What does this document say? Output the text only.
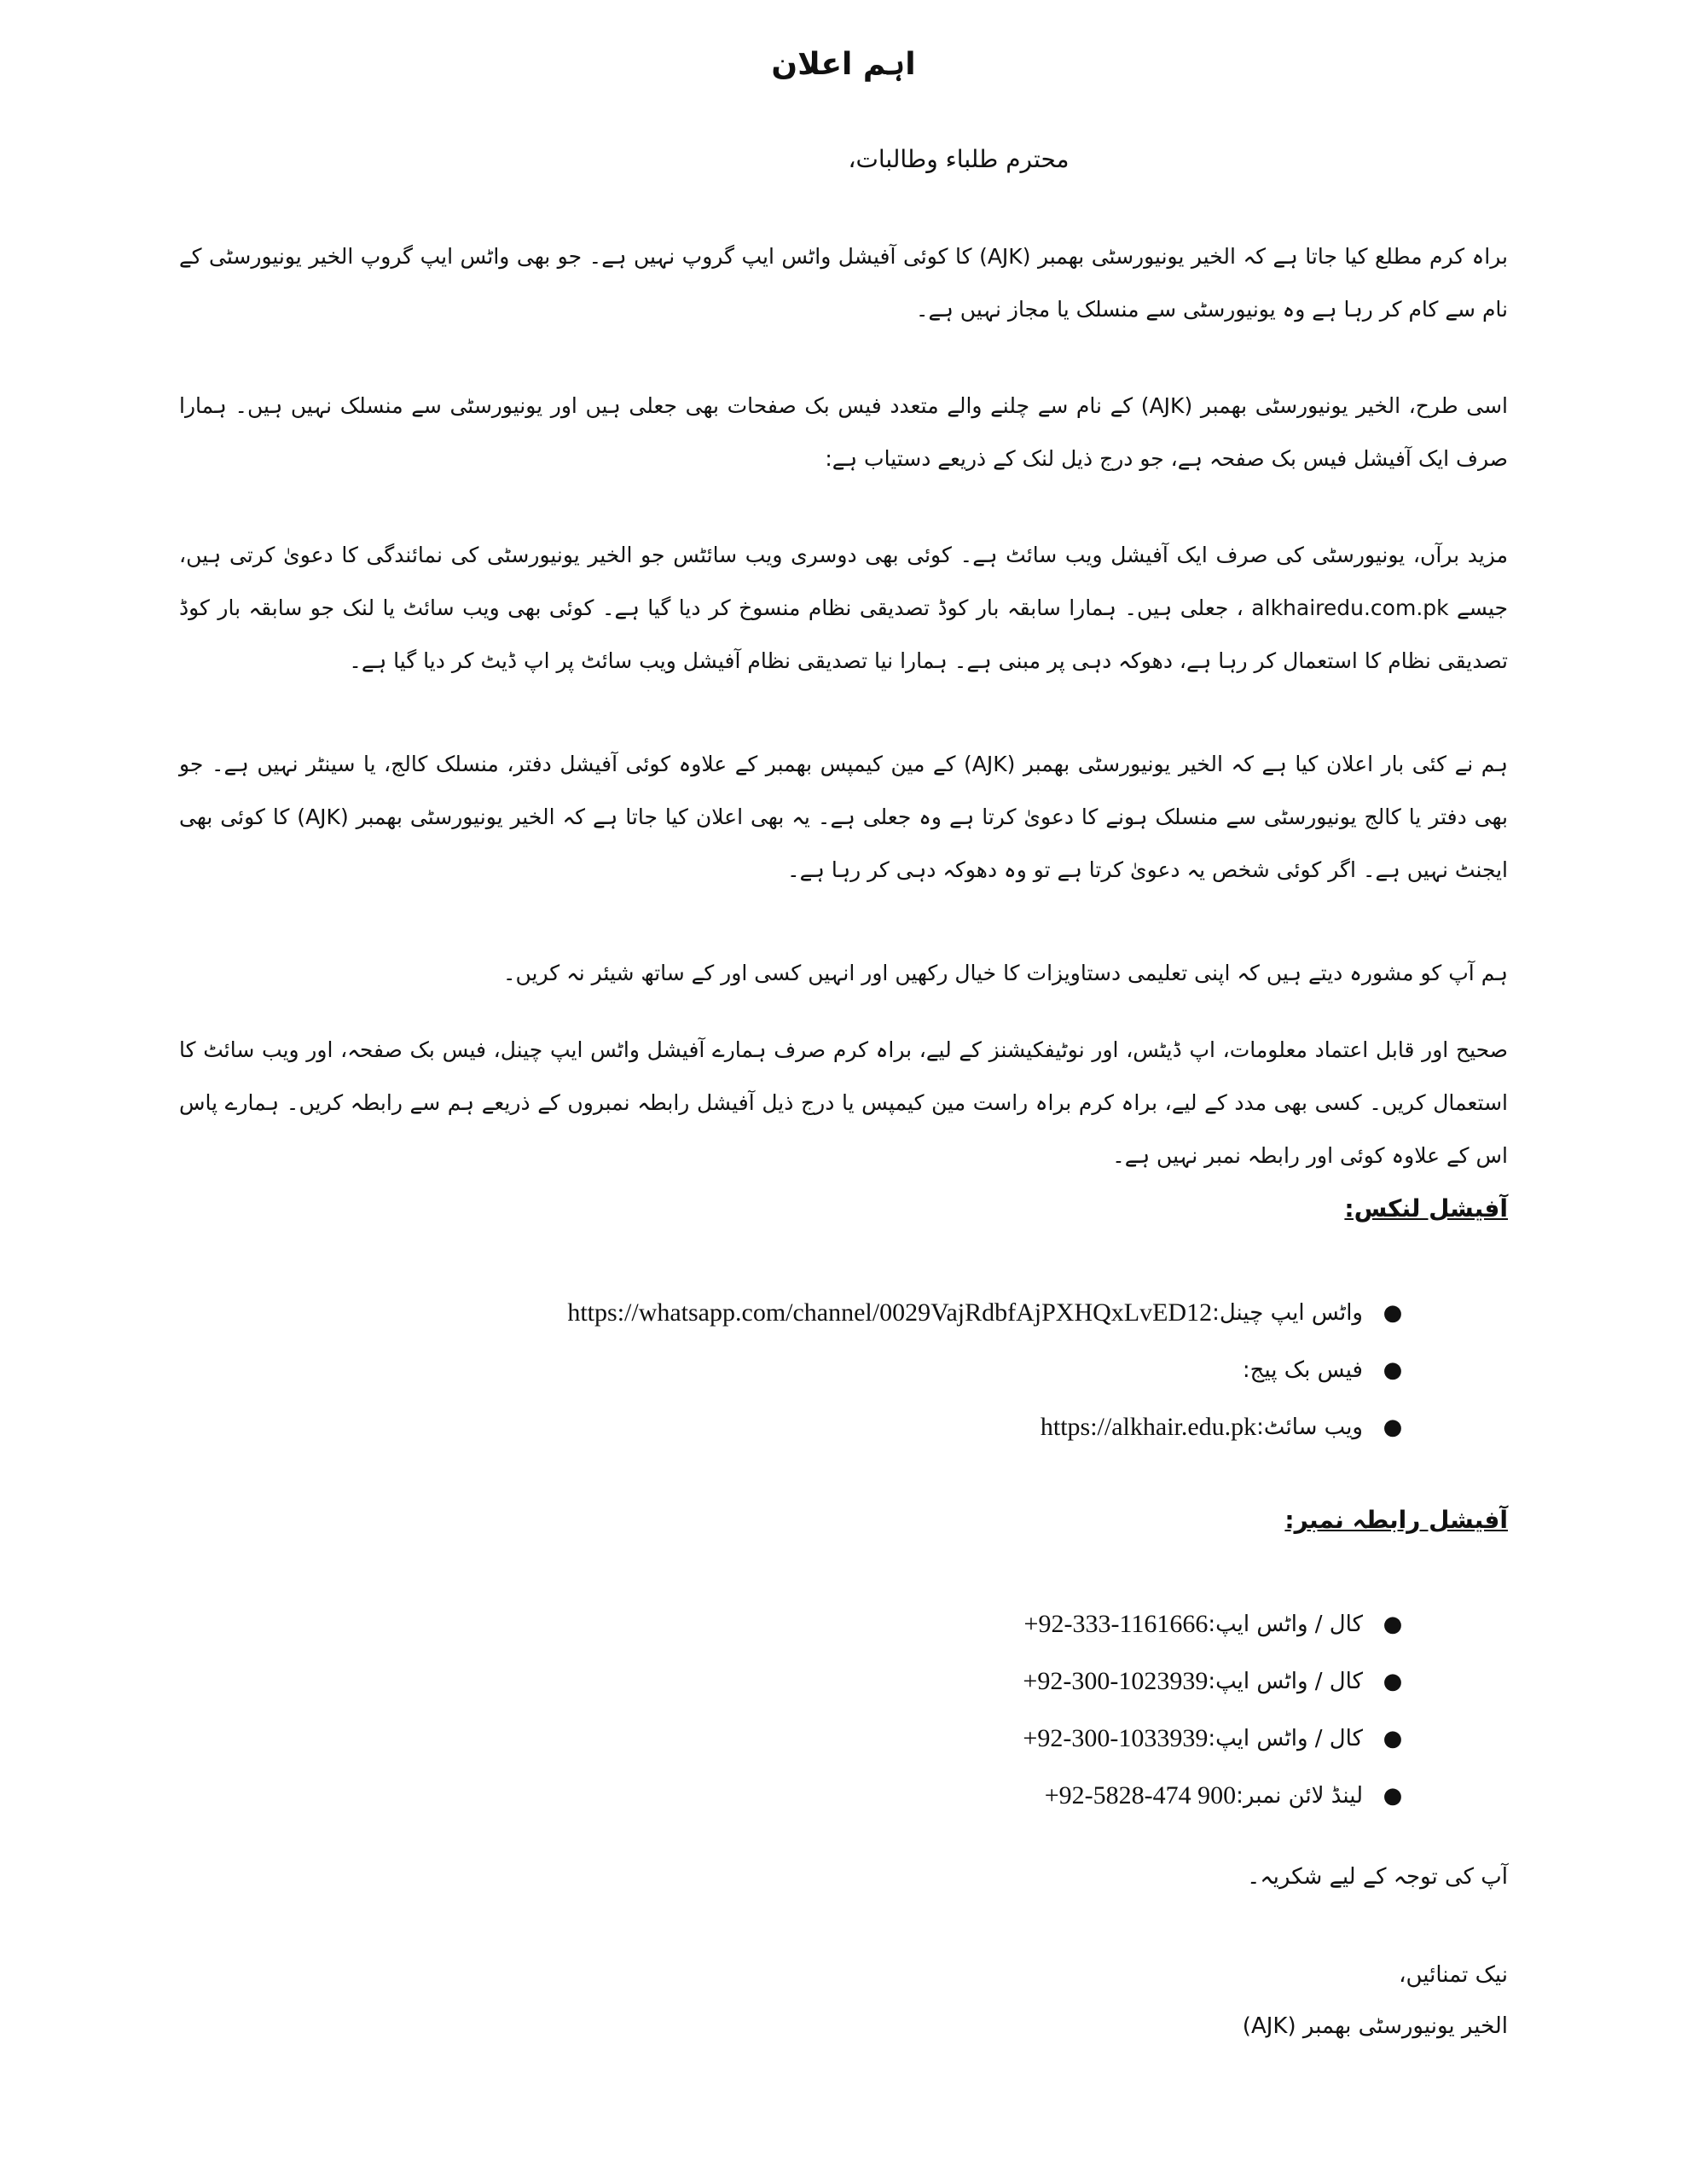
اہم اعلان
محترم طلباء وطالبات،

براہ کرم مطلع کیا جاتا ہے کہ الخیر یونیورسٹی بھمبر (AJK) کا کوئی آفیشل واٹس ایپ گروپ نہیں ہے۔ جو بھی واٹس ایپ گروپ الخیر یونیورسٹی کے نام سے کام کر رہا ہے وہ یونیورسٹی سے منسلک یا مجاز نہیں ہے۔

اسی طرح، الخیر یونیورسٹی بھمبر (AJK) کے نام سے چلنے والے متعدد فیس بک صفحات بھی جعلی ہیں اور یونیورسٹی سے منسلک نہیں ہیں۔ ہمارا صرف ایک آفیشل فیس بک صفحہ ہے، جو درج ذیل لنک کے ذریعے دستیاب ہے:

مزید برآں، یونیورسٹی کی صرف ایک آفیشل ویب سائٹ ہے۔ کوئی بھی دوسری ویب سائٹس جو الخیر یونیورسٹی کی نمائندگی کا دعویٰ کرتی ہیں، جیسے alkhairedu.com.pk ، جعلی ہیں۔ ہمارا سابقہ بار کوڈ تصدیقی نظام منسوخ کر دیا گیا ہے۔ کوئی بھی ویب سائٹ یا لنک جو سابقہ بار کوڈ تصدیقی نظام کا استعمال کر رہا ہے، دھوکہ دہی پر مبنی ہے۔ ہمارا نیا تصدیقی نظام آفیشل ویب سائٹ پر اپ ڈیٹ کر دیا گیا ہے۔

ہم نے کئی بار اعلان کیا ہے کہ الخیر یونیورسٹی بھمبر (AJK) کے مین کیمپس بھمبر کے علاوہ کوئی آفیشل دفتر، منسلک کالج، یا سینٹر نہیں ہے۔ جو بھی دفتر یا کالج یونیورسٹی سے منسلک ہونے کا دعویٰ کرتا ہے وہ جعلی ہے۔ یہ بھی اعلان کیا جاتا ہے کہ الخیر یونیورسٹی بھمبر (AJK) کا کوئی بھی ایجنٹ نہیں ہے۔ اگر کوئی شخص یہ دعویٰ کرتا ہے تو وہ دھوکہ دہی کر رہا ہے۔

ہم آپ کو مشورہ دیتے ہیں کہ اپنی تعلیمی دستاویزات کا خیال رکھیں اور انہیں کسی اور کے ساتھ شیئر نہ کریں۔

صحیح اور قابل اعتماد معلومات، اپ ڈیٹس، اور نوٹیفکیشنز کے لیے، براہ کرم صرف ہمارے آفیشل واٹس ایپ چینل، فیس بک صفحہ، اور ویب سائٹ کا استعمال کریں۔ کسی بھی مدد کے لیے، براہ کرم براہ راست مین کیمپس یا درج ذیل آفیشل رابطہ نمبروں کے ذریعے ہم سے رابطہ کریں۔ ہمارے پاس اس کے علاوہ کوئی اور رابطہ نمبر نہیں ہے۔

آفیشل لنکس:
●
واٹس ایپ چینل:
https://whatsapp.com/channel/0029VajRdbfAjPXHQxLvED12
●
فیس بک پیج:
●
ویب سائٹ:
https://alkhair.edu.pk
آفیشل رابطہ نمبر:
●
کال / واٹس ایپ:
+92-333-1161666
●
کال / واٹس ایپ:
+92-300-1023939
●
کال / واٹس ایپ:
+92-300-1033939
●
لینڈ لائن نمبر:
+92-5828-474 900
آپ کی توجہ کے لیے شکریہ۔
نیک تمنائیں،
الخیر یونیورسٹی بھمبر (AJK)
